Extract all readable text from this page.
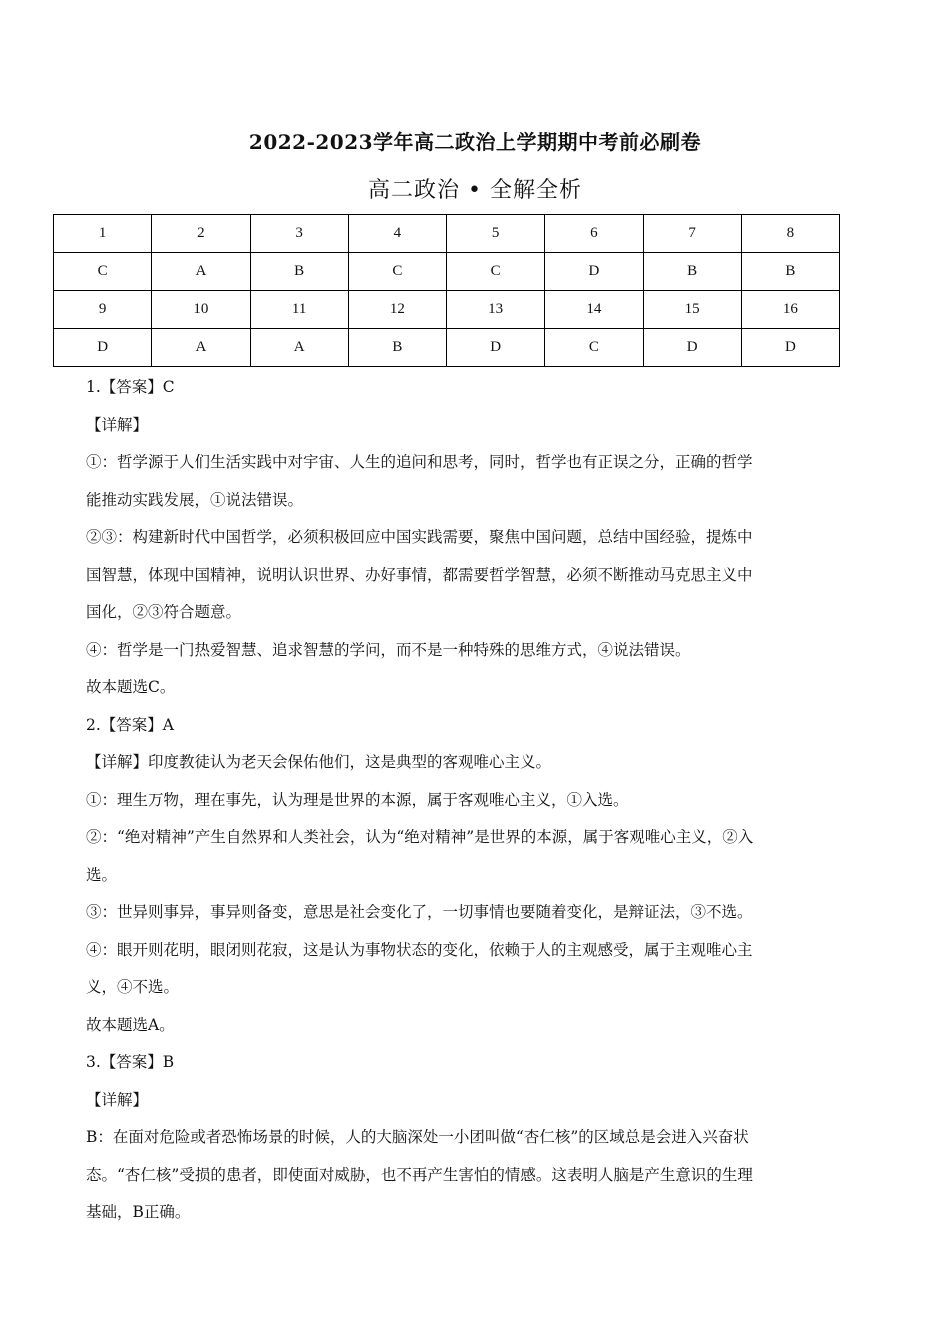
2022-2023学年高二政治上学期期中考前必刷卷
高二政治 • 全解全析
1	2	3	4	5	6	7	8
C	A	B	C	C	D	B	B
9	10	11	12	13	14	15	16
D	A	A	B	D	C	D	D

1.【答案】C

【详解】

①：哲学源于人们生活实践中对宇宙、人生的追问和思考，同时，哲学也有正误之分，正确的哲学

能推动实践发展，①说法错误。

②③：构建新时代中国哲学，必须积极回应中国实践需要，聚焦中国问题，总结中国经验，提炼中

国智慧，体现中国精神，说明认识世界、办好事情，都需要哲学智慧，必须不断推动马克思主义中

国化，②③符合题意。

④：哲学是一门热爱智慧、追求智慧的学问，而不是一种特殊的思维方式，④说法错误。

故本题选C。

2.【答案】A

【详解】印度教徒认为老天会保佑他们，这是典型的客观唯心主义。

①：理生万物，理在事先，认为理是世界的本源，属于客观唯心主义，①入选。

②：“绝对精神”产生自然界和人类社会，认为“绝对精神”是世界的本源，属于客观唯心主义，②入

选。

③：世异则事异，事异则备变，意思是社会变化了，一切事情也要随着变化，是辩证法，③不选。

④：眼开则花明，眼闭则花寂，这是认为事物状态的变化，依赖于人的主观感受，属于主观唯心主

义，④不选。

故本题选A。

3.【答案】B

【详解】

B：在面对危险或者恐怖场景的时候，人的大脑深处一小团叫做“杏仁核”的区域总是会进入兴奋状

态。“杏仁核”受损的患者，即使面对威胁，也不再产生害怕的情感。这表明人脑是产生意识的生理

基础，B正确。
